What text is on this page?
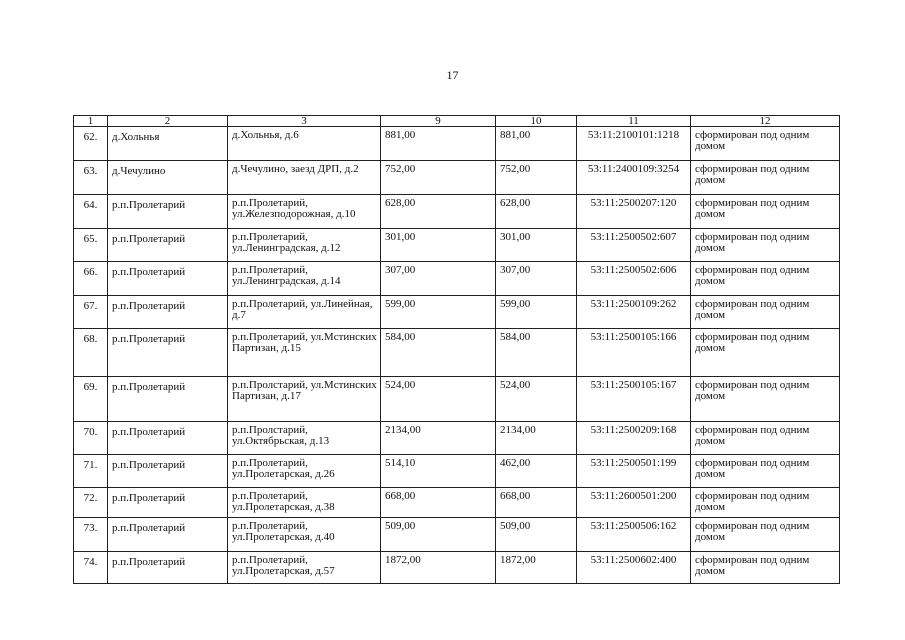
17
1	2	3	9	10	11	12
62.	д.Хольнья	д.Хольнья, д.6	881,00	881,00	53:11:2100101:1218	сформирован под одним домом
63.	д.Чечулино	д.Чечулино, заезд ДРП, д.2	752,00	752,00	53:11:2400109:3254	сформирован под одним домом
64.	р.п.Пролетарий	р.п.Пролетарий, ул.Железподорожная, д.10	628,00	628,00	53:11:2500207:120	сформирован под одним домом
65.	р.п.Пролетарий	р.п.Пролетарий, ул.Ленинградская, д.12	301,00	301,00	53:11:2500502:607	сформирован под одним домом
66.	р.п.Пролетарий	р.п.Пролетарий, ул.Ленинградская, д.14	307,00	307,00	53:11:2500502:606	сформирован под одним домом
67.	р.п.Пролетарий	р.п.Пролетарий, ул.Линейная, д.7	599,00	599,00	53:11:2500109:262	сформирован под одним домом
68.	р.п.Пролетарий	р.п.Пролетарий, ул.Мстинских Партизан, д.15	584,00	584,00	53:11:2500105:166	сформирован под одним домом
69.	р.п.Пролетарий	р.п.Пролстарий, ул.Мстинских Партизан, д.17	524,00	524,00	53:11:2500105:167	сформирован под одним домом
70.	р.п.Пролетарий	р.п.Пролстарий, ул.Октябрьская, д.13	2134,00	2134,00	53:11:2500209:168	сформирован под одним домом
71.	р.п.Пролетарий	р.п.Пролетарий, ул.Пролетарская, д.26	514,10	462,00	53:11:2500501:199	сформирован под одним домом
72.	р.п.Пролетарий	р.п.Пролетарий, ул.Пролетарская, д.38	668,00	668,00	53:11:2600501:200	сформирован под одним домом
73.	р.п.Пролетарий	р.п.Пролетарий, ул.Пролетарская, д.40	509,00	509,00	53:11:2500506:162	сформирован под одним домом
74.	р.п.Пролетарий	р.п.Пролетарий, ул.Пролетарская, д.57	1872,00	1872,00	53:11:2500602:400	сформирован под одним домом
